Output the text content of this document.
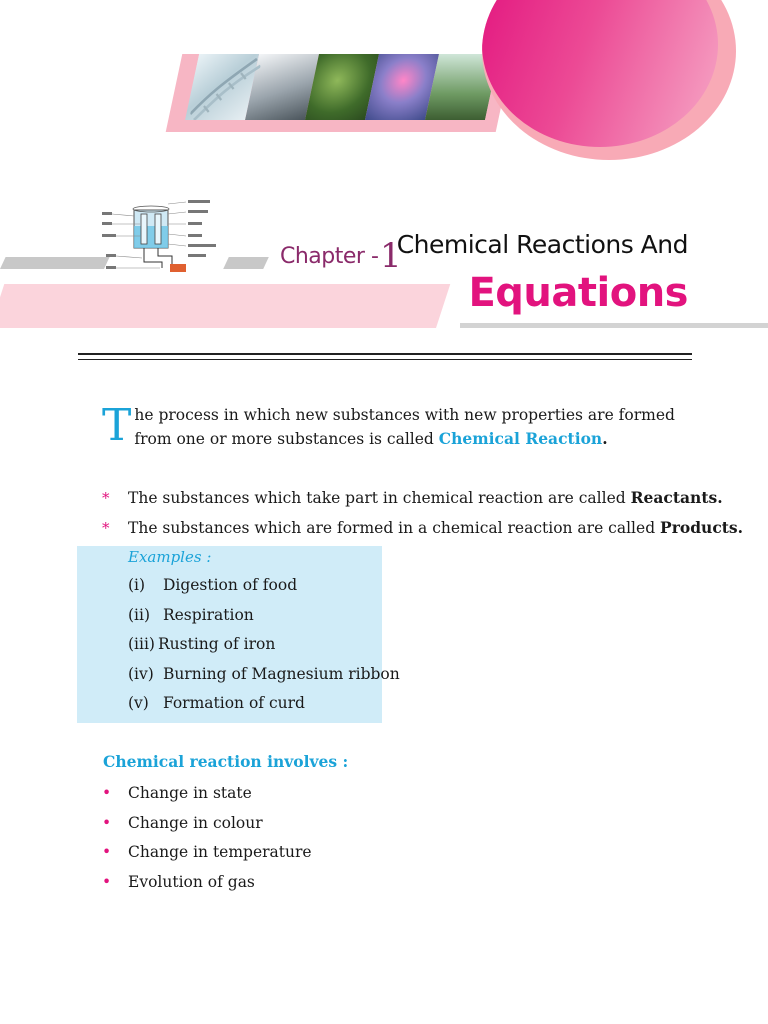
Chapter - 1
Chemical Reactions And
Equations
The process in which new substances with new properties are formed from one or more substances is called Chemical Reaction.
* The substances which take part in chemical reaction are called Reactants.
* The substances which are formed in a chemical reaction are called Products.
Examples :
(i) Digestion of food
(ii) Respiration
(iii) Rusting of iron
(iv) Burning of Magnesium ribbon
(v) Formation of curd
Chemical reaction involves :
• Change in state
• Change in colour
• Change in temperature
• Evolution of gas
